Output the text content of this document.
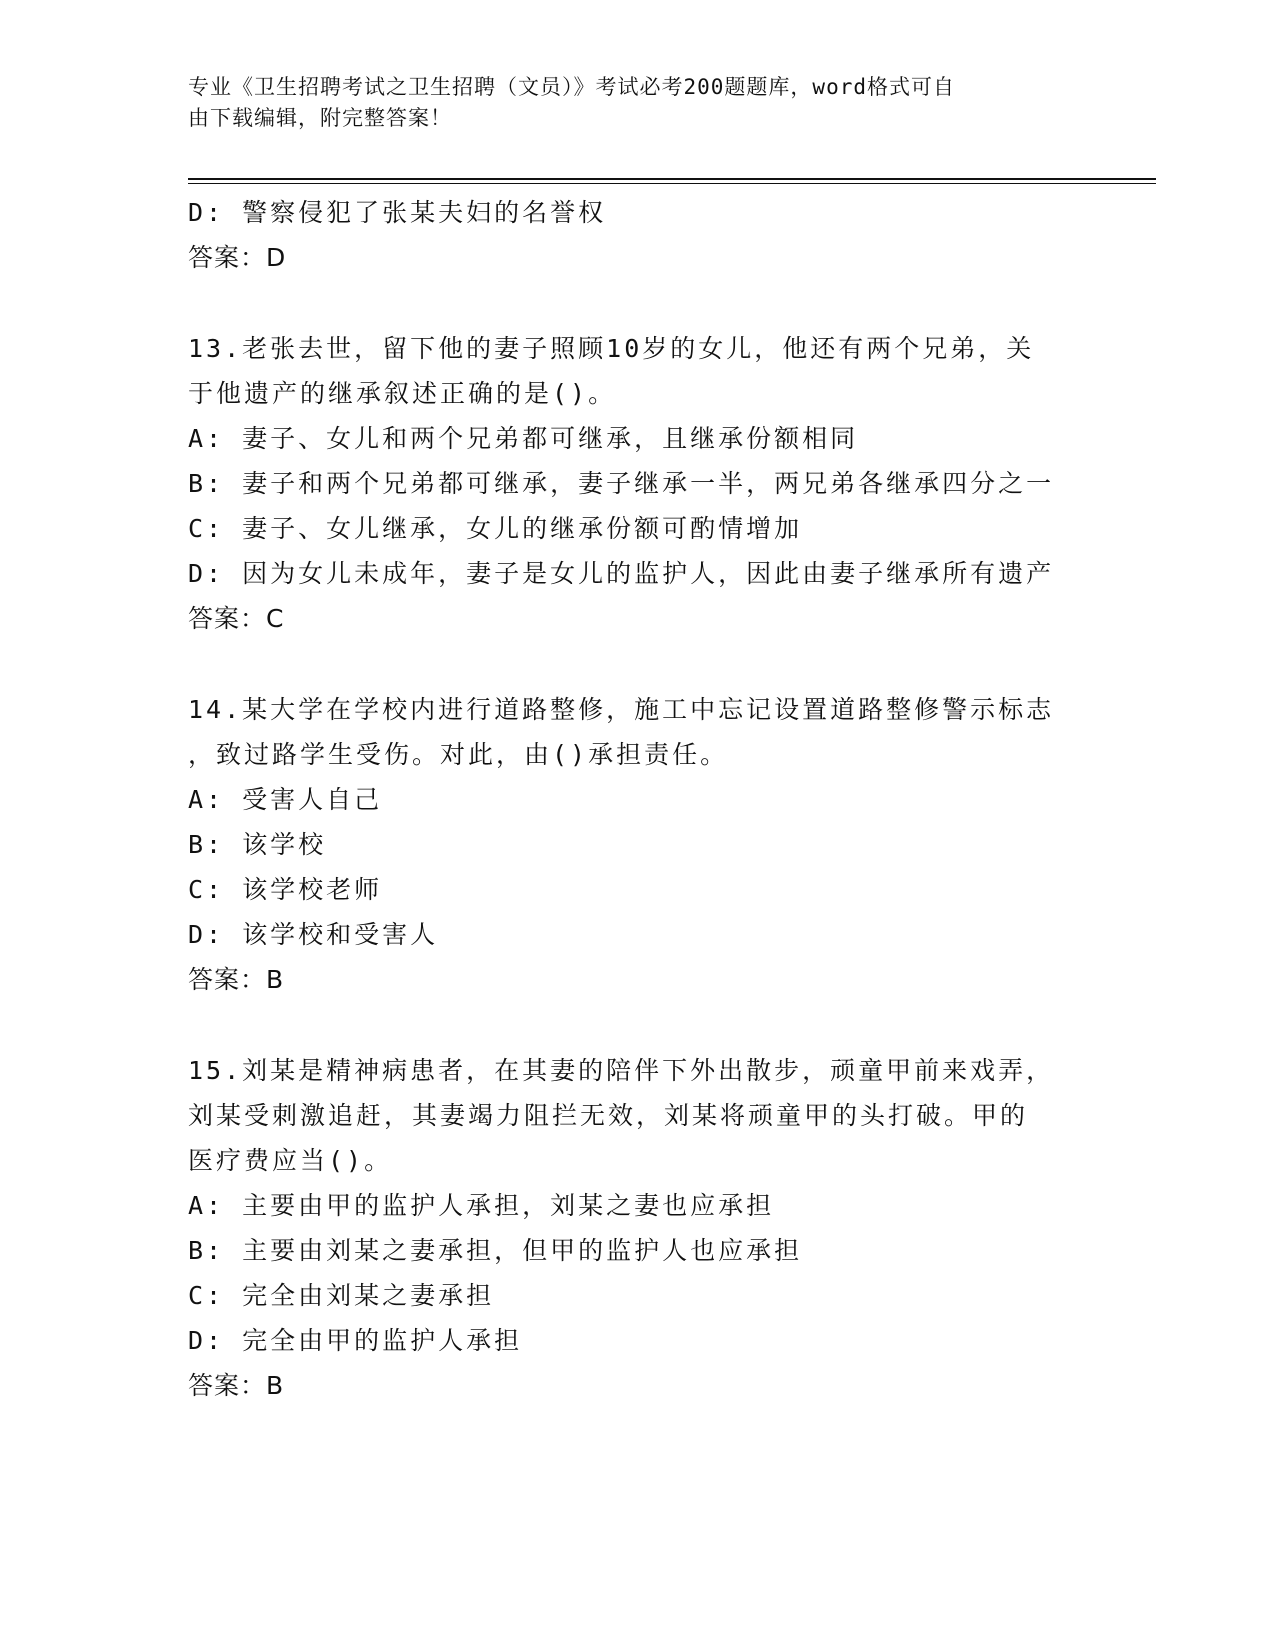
专业《卫生招聘考试之卫生招聘（文员）》考试必考200题题库，word格式可自
由下载编辑，附完整答案！
D: 警察侵犯了张某夫妇的名誉权
答案：D
13.老张去世，留下他的妻子照顾10岁的女儿，他还有两个兄弟，关
于他遗产的继承叙述正确的是()。
A: 妻子、女儿和两个兄弟都可继承，且继承份额相同
B: 妻子和两个兄弟都可继承，妻子继承一半，两兄弟各继承四分之一
C: 妻子、女儿继承，女儿的继承份额可酌情增加
D: 因为女儿未成年，妻子是女儿的监护人，因此由妻子继承所有遗产
答案：C
14.某大学在学校内进行道路整修，施工中忘记设置道路整修警示标志
，致过路学生受伤。对此，由()承担责任。
A: 受害人自己
B: 该学校
C: 该学校老师
D: 该学校和受害人
答案：B
15.刘某是精神病患者，在其妻的陪伴下外出散步，顽童甲前来戏弄，
刘某受刺激追赶，其妻竭力阻拦无效，刘某将顽童甲的头打破。甲的
医疗费应当()。
A: 主要由甲的监护人承担，刘某之妻也应承担
B: 主要由刘某之妻承担，但甲的监护人也应承担
C: 完全由刘某之妻承担
D: 完全由甲的监护人承担
答案：B
